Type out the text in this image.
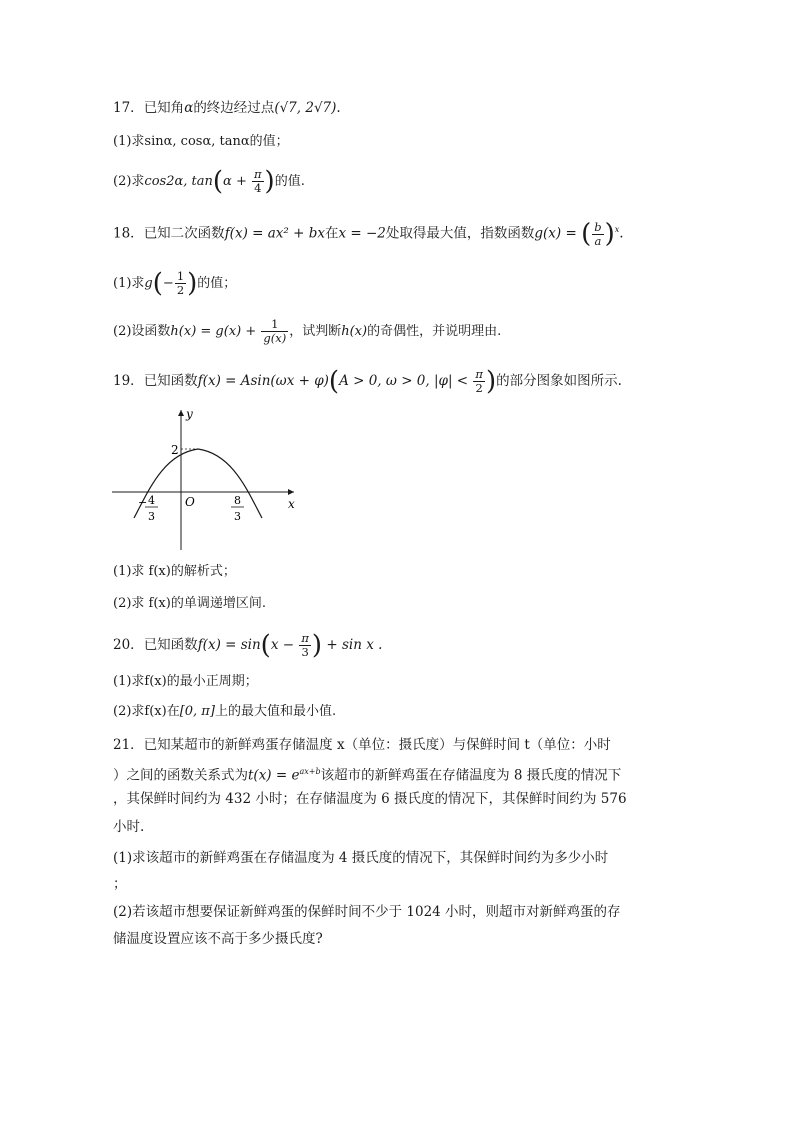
17．已知角α的终边经过点(√7, 2√7).
(1)求sinα, cosα, tanα的值；
(2)求cos2α, $\tan(\alpha + \frac{\pi}{4}$ )的值.
18．已知二次函数f(x) = ax² + bx在x = −2处取得最大值，指数函数g(x) = ( $\frac{b}{a} )^x$.
(1)求$g(- \frac{1}{2}$ )的值；
(2)设函数$h(x) = g(x) + \frac{1}{g(x)}$ ，试判断h(x)的奇偶性，并说明理由.
19．已知函数f(x) = Asin(ωx + φ)(A > 0, ω > 0, $|\varphi| < \frac{\pi}{2}$ )的部分图象如图所示.
y
x
O
2
− 4
3
8
3
(1)求 f(x)的解析式；
(2)求 f(x)的单调递增区间.
20．已知函数$f(x) = \sin(x - \frac{\pi}{3}$ ) + sin x .
(1)求f(x)的最小正周期；
(2)求f(x)在[0, π]上的最大值和最小值.
21．已知某超市的新鲜鸡蛋存储温度 x（单位：摄氏度）与保鲜时间 t（单位：小时
）之间的函数关系式为$t(x) = e^{ax+b}$该超市的新鲜鸡蛋在存储温度为 8 摄氏度的情况下
，其保鲜时间约为 432 小时；在存储温度为 6 摄氏度的情况下，其保鲜时间约为 576
小时.
(1)求该超市的新鲜鸡蛋在存储温度为 4 摄氏度的情况下，其保鲜时间约为多少小时
；
(2)若该超市想要保证新鲜鸡蛋的保鲜时间不少于 1024 小时，则超市对新鲜鸡蛋的存
储温度设置应该不高于多少摄氏度?
